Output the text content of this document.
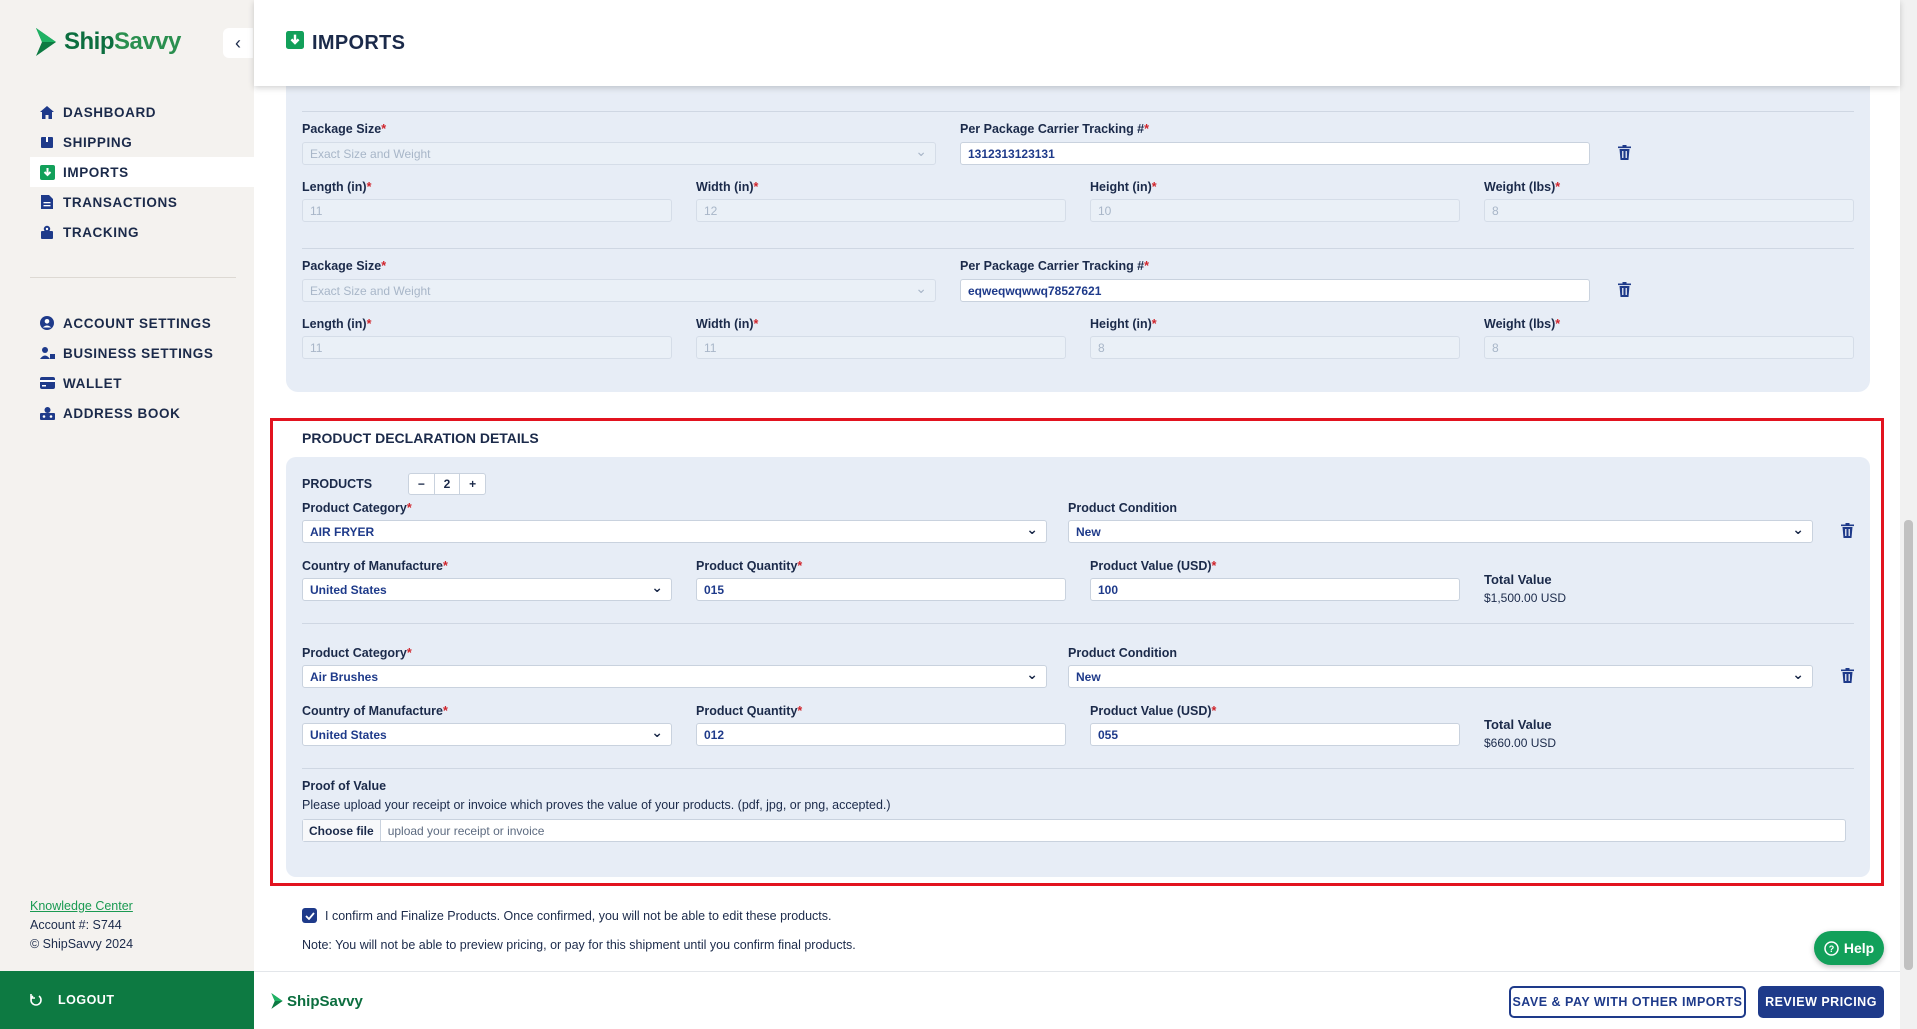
ShipSavvy	‹
DASHBOARD
SHIPPING
IMPORTS
TRANSACTIONS
TRACKING
ACCOUNT SETTINGS
BUSINESS SETTINGS
WALLET
ADDRESS BOOK
Knowledge Center
Account #: S744
© ShipSavvy 2024
LOGOUT
IMPORTS
Package Size*
Exact Size and Weight ⌄
Per Package Carrier Tracking #*
1312313123131
Length (in)*
11
Width (in)*
12
Height (in)*
10
Weight (lbs)*
8
Package Size*
Exact Size and Weight ⌄
Per Package Carrier Tracking #*
eqweqwqwwq78527621
Length (in)*
11
Width (in)*
11
Height (in)*
8
Weight (lbs)*
8
PRODUCT DECLARATION DETAILS
PRODUCTS	−	2	+
Product Category*
AIR FRYER ⌄
Product Condition
New ⌄
Country of Manufacture*
United States ⌄
Product Quantity*
015
Product Value (USD)*
100
Total Value
$1,500.00 USD
Product Category*
Air Brushes ⌄
Product Condition
New ⌄
Country of Manufacture*
United States ⌄
Product Quantity*
012
Product Value (USD)*
055
Total Value
$660.00 USD
Proof of Value
Please upload your receipt or invoice which proves the value of your products. (pdf, jpg, or png, accepted.)
Choose file	upload your receipt or invoice
I confirm and Finalize Products. Once confirmed, you will not be able to edit these products.
Note: You will not be able to preview pricing, or pay for this shipment until you confirm final products.	? Help
ShipSavvy	SAVE & PAY WITH OTHER IMPORTS	REVIEW PRICING
